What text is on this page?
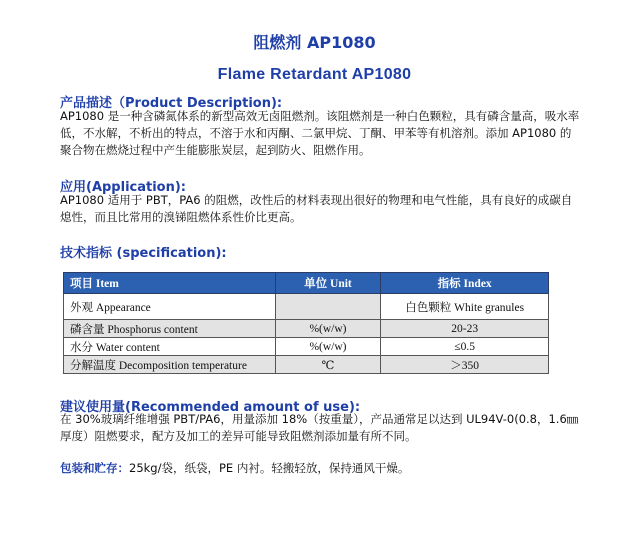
阻燃剂 AP1080
Flame Retardant AP1080
产品描述（Product Description):
AP1080 是一种含磷氮体系的新型高效无卤阻燃剂。该阻燃剂是一种白色颗粒，具有磷含量高，吸水率低，不水解，不析出的特点，不溶于水和丙酮、二氯甲烷、丁酮、甲苯等有机溶剂。添加 AP1080 的聚合物在燃烧过程中产生能膨胀炭层，起到防火、阻燃作用。
应用(Application):
AP1080 适用于 PBT，PA6 的阻燃，改性后的材料表现出很好的物理和电气性能，具有良好的成碳自熄性，而且比常用的溴锑阻燃体系性价比更高。
技术指标 (specification):
项目 Item	单位 Unit	指标 Index
外观 Appearance		白色颗粒 White granules
磷含量 Phosphorus content	%(w/w)	20-23
水分 Water content	%(w/w)	≤0.5
分解温度 Decomposition temperature	℃	＞350
建议使用量(Recommended amount of use):
在 30%玻璃纤维增强 PBT/PA6，用量添加 18%（按重量），产品通常足以达到 UL94V-0(0.8，1.6㎜厚度）阻燃要求，配方及加工的差异可能导致阻燃剂添加量有所不同。
包装和贮存：25kg/袋，纸袋，PE 内衬。轻搬轻放，保持通风干燥。
